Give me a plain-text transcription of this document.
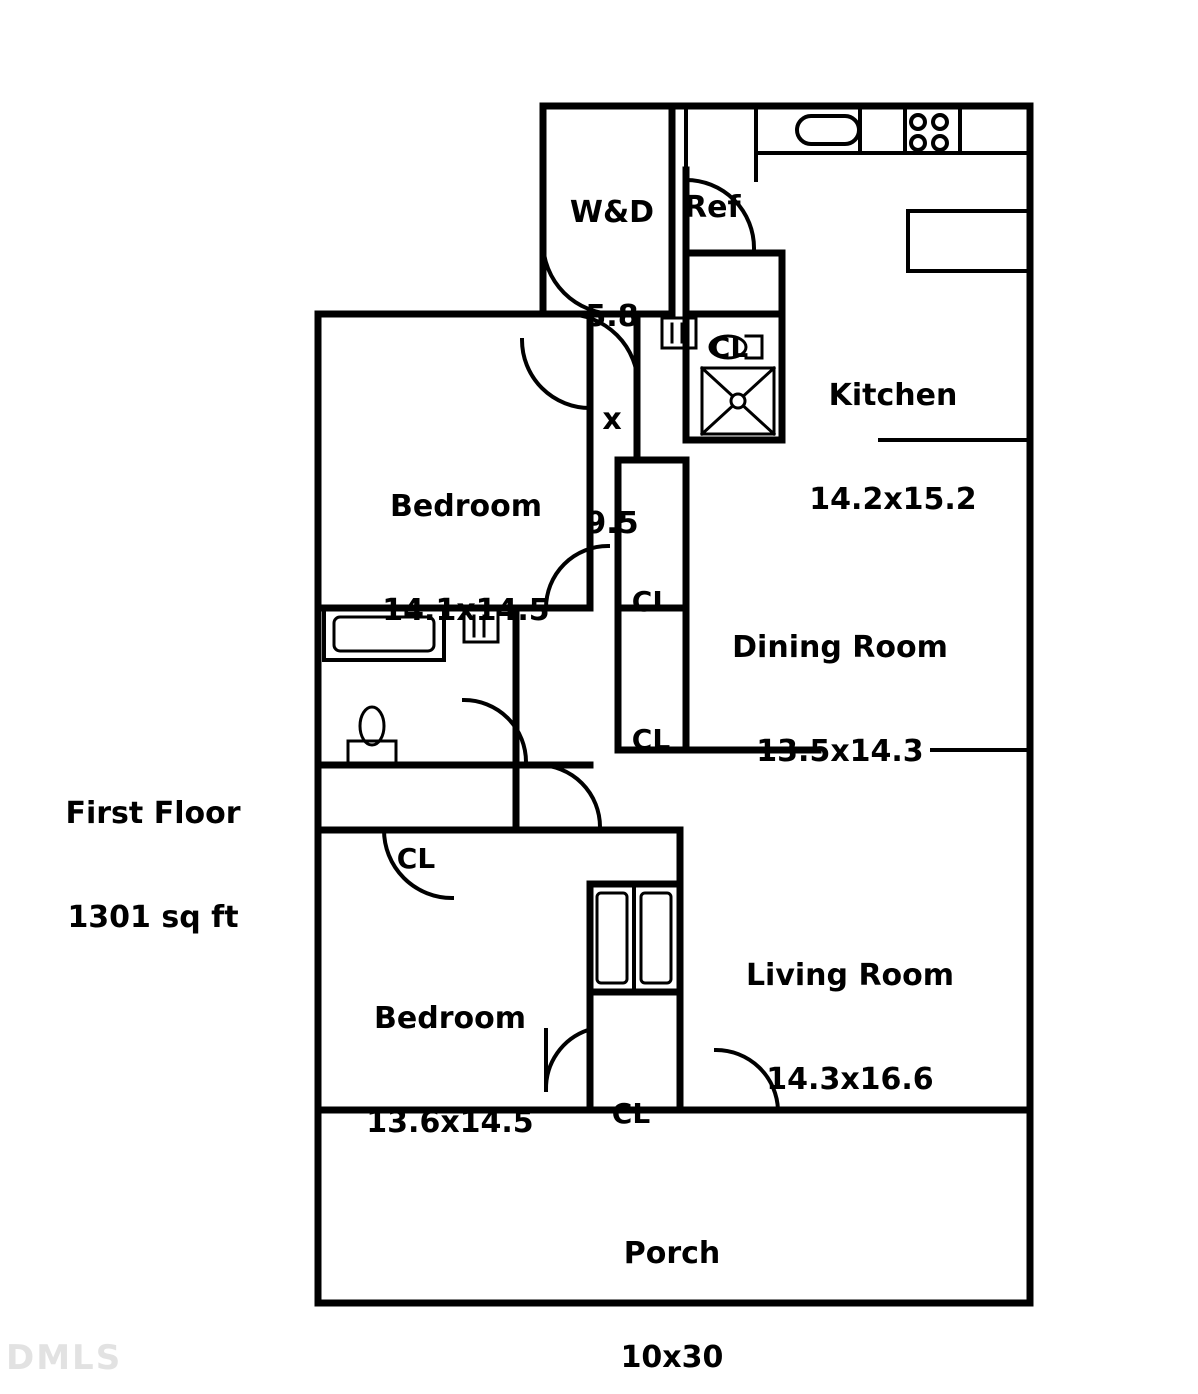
First Floor

1301 sq ft

W&D

5.8

x

9.5

Ref

Kitchen

14.2x15.2

Dining Room

13.5x14.3

Living Room

14.3x16.6

Bedroom

14.1x14.5

Bedroom

13.6x14.5

Porch

10x30

CL

CL

CL

CL

CL

DMLS
